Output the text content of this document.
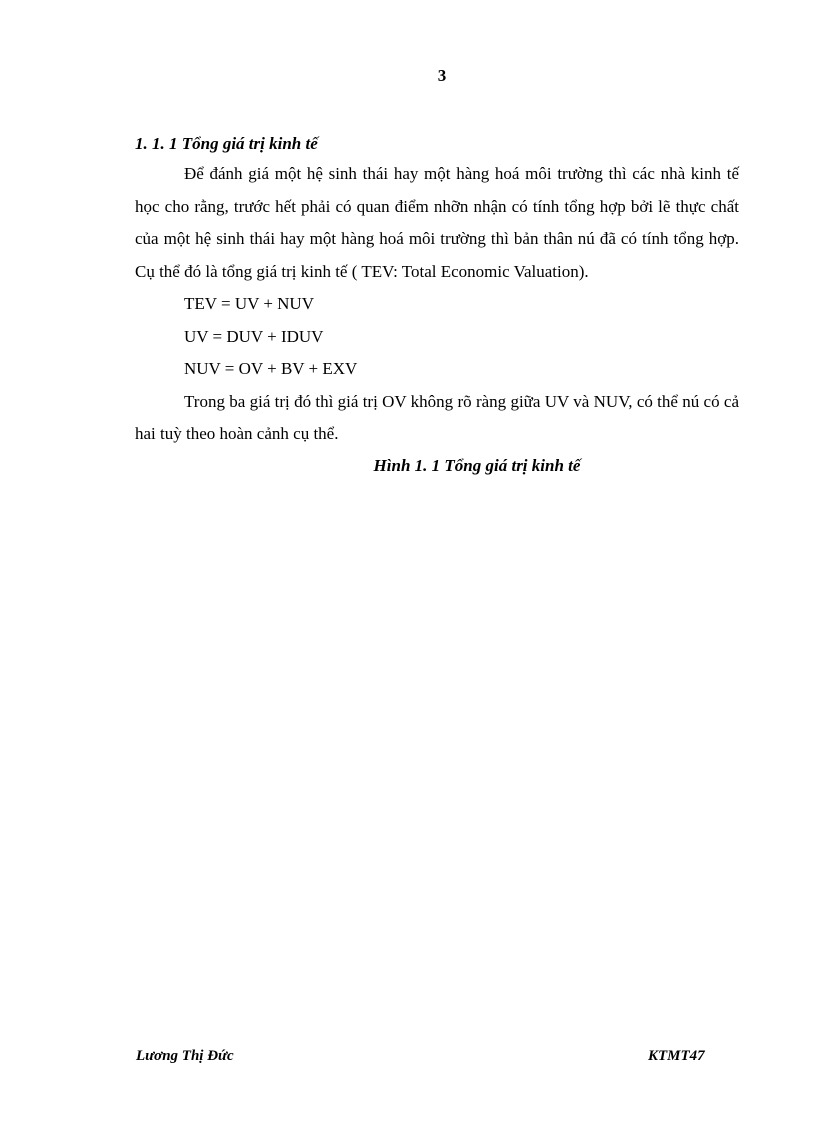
3

1. 1. 1 Tổng giá trị kinh tế

Để đánh giá một hệ sinh thái hay một hàng hoá môi trường thì các nhà kinh tế học cho rằng, trước hết phải có quan điểm nhỡn nhận có tính tổng hợp bởi lẽ thực chất của một hệ sinh thái hay một hàng hoá môi trường thì bản thân nú đã có tính tổng hợp. Cụ thể đó là tổng giá trị kinh tế ( TEV: Total Economic Valuation).

TEV = UV + NUV

UV = DUV + IDUV

NUV = OV + BV + EXV

Trong ba giá trị đó thì giá trị OV không rõ ràng giữa UV và NUV, có thể nú có cả hai tuỳ theo hoàn cảnh cụ thể.

Hình 1. 1 Tổng giá trị kinh tế

Lương Thị Đức	KTMT47
